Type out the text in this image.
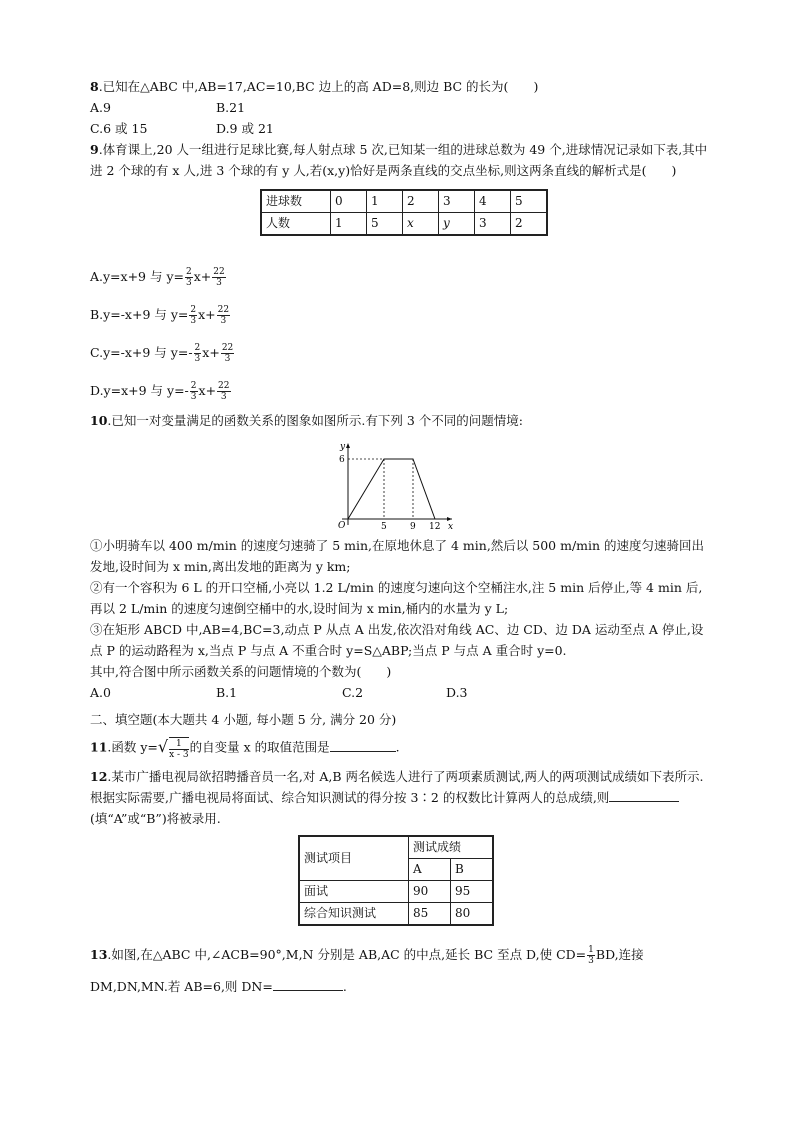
8.已知在△ABC 中,AB=17,AC=10,BC 边上的高 AD=8,则边 BC 的长为(　　)

A.9	B.21
C.6 或 15	D.9 或 21

9.体育课上,20 人一组进行足球比赛,每人射点球 5 次,已知某一组的进球总数为 49 个,进球情况记录如下表,其中进 2 个球的有 x 人,进 3 个球的有 y 人,若(x,y)恰好是两条直线的交点坐标,则这两条直线的解析式是(　　)

进球数	0	1	2	3	4	5
人数	1	5	x	y	3	2
A.y=x+9 与 $y= \frac{2}{3} x+ \frac{22}{3}$
B.y=-x+9 与 $y= \frac{2}{3} x+ \frac{22}{3}$
C.y=-x+9 与 $y=- \frac{2}{3} x+ \frac{22}{3}$
D.y=x+9 与 $y=- \frac{2}{3} x+ \frac{22}{3}$

10.已知一对变量满足的函数关系的图象如图所示.有下列 3 个不同的问题情境:

y
x
O
6
5	9 12

①小明骑车以 400 m/min 的速度匀速骑了 5 min,在原地休息了 4 min,然后以 500 m/min 的速度匀速骑回出发地,设时间为 x min,离出发地的距离为 y km;

②有一个容积为 6 L 的开口空桶,小亮以 1.2 L/min 的速度匀速向这个空桶注水,注 5 min 后停止,等 4 min 后,再以 2 L/min 的速度匀速倒空桶中的水,设时间为 x min,桶内的水量为 y L;

③在矩形 ABCD 中,AB=4,BC=3,动点 P 从点 A 出发,依次沿对角线 AC、边 CD、边 DA 运动至点 A 停止,设点 P 的运动路程为 x,当点 P 与点 A 不重合时 y=S△ABP;当点 P 与点 A 重合时 y=0.

其中,符合图中所示函数关系的问题情境的个数为(　　)

A.0	B.1	C.2	D.3

二、填空题(本大题共 4 小题, 每小题 5 分, 满分 20 分)

11.函数 $y=√ \frac{1}{x - 3}$ 的自变量 x 的取值范围是	.

12.某市广播电视局欲招聘播音员一名,对 A,B 两名候选人进行了两项素质测试,两人的两项测试成绩如下表所示.根据实际需要,广播电视局将面试、综合知识测试的得分按 3∶2 的权数比计算两人的总成绩,则(填“A”或“B”)将被录用.

测试项目	测试成绩	
	A	B
面试	90	95
综合知识测试	85	80

13.如图,在△ABC 中,∠ACB=90°,M,N 分别是 AB,AC 的中点,延长 BC 至点 D,使 $CD= \frac{1}{3}$ BD,连接

DM,DN,MN.若 AB=6,则 DN=	.
